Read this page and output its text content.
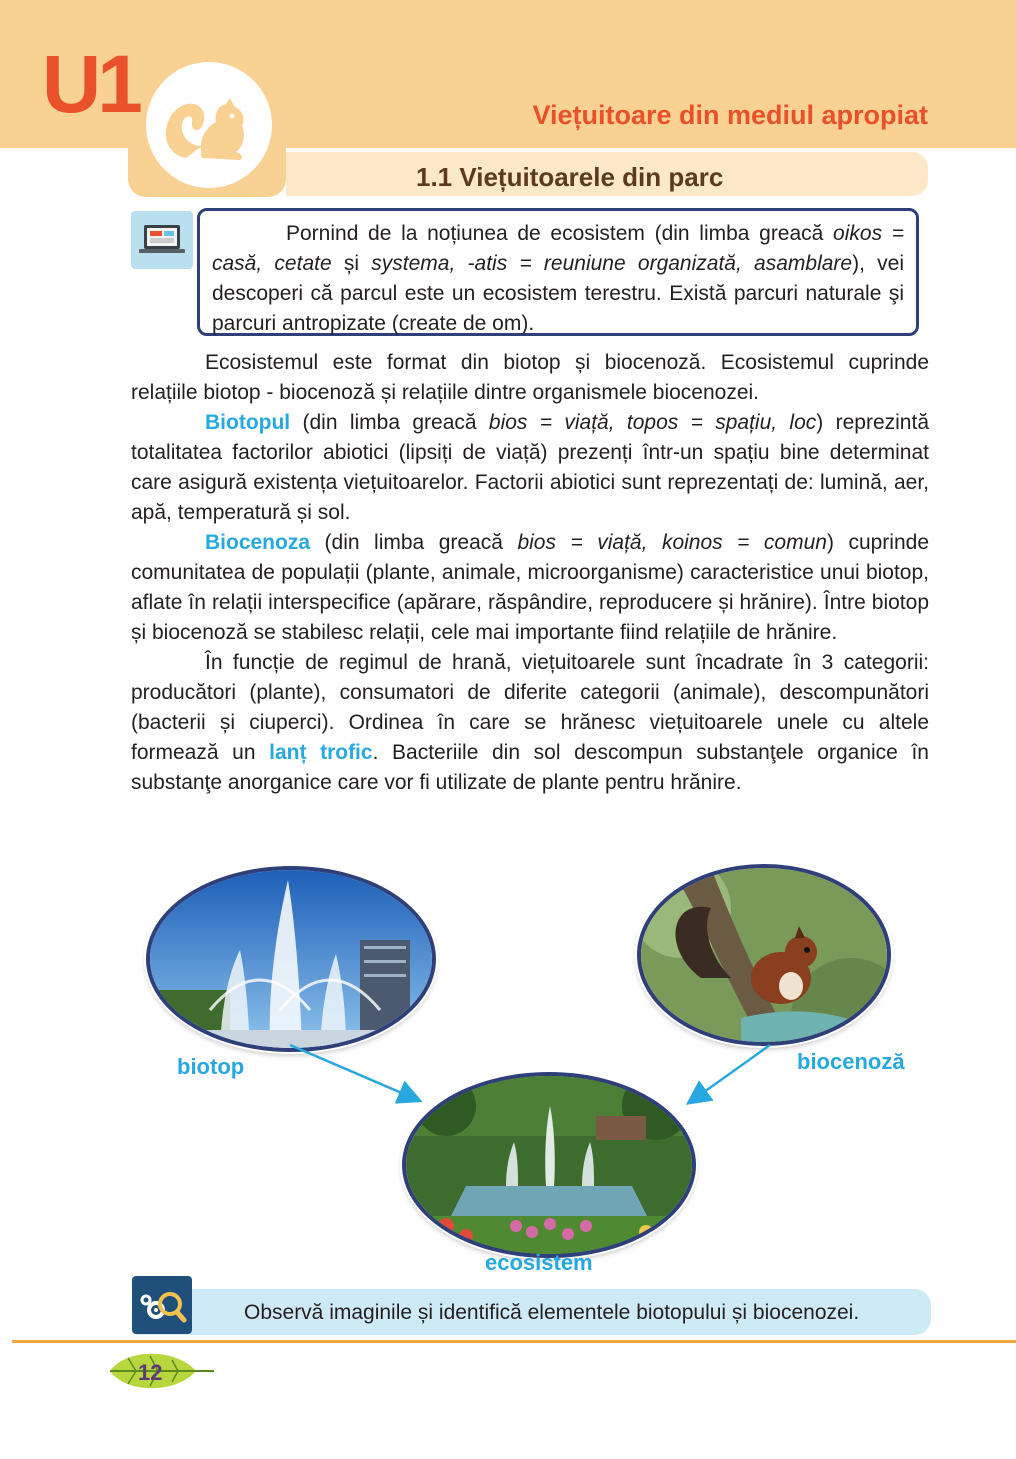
U1	Viețuitoare din mediul apropiat
1.1 Viețuitoarele din parc

Pornind de la noțiunea de ecosistem (din limba greacă oikos = casă, cetate și systema, -atis = reuniune organizată, asamblare), vei descoperi că parcul este un ecosistem terestru. Există parcuri naturale şi parcuri antropizate (create de om).

Ecosistemul este format din biotop și biocenoză. Ecosistemul cuprinde relațiile biotop - biocenoză și relațiile dintre organismele biocenozei.

Biotopul (din limba greacă bios = viață, topos = spațiu, loc) reprezintă totalitatea factorilor abiotici (lipsiți de viață) prezenți într-un spațiu bine determinat care asigură existența viețuitoarelor. Factorii abiotici sunt reprezentați de: lumină, aer, apă, temperatură și sol.

Biocenoza (din limba greacă bios = viață, koinos = comun) cuprinde comunitatea de populații (plante, animale, microorganisme) caracteristice unui biotop, aflate în relații interspecifice (apărare, răspândire, reproducere și hrănire). Între biotop și biocenoză se stabilesc relații, cele mai importante fiind relațiile de hrănire.

În funcție de regimul de hrană, viețuitoarele sunt încadrate în 3 categorii: producători (plante), consumatori de diferite categorii (animale), descompunători (bacterii și ciuperci). Ordinea în care se hrănesc viețuitoarele unele cu altele formează un lanț trofic. Bacteriile din sol descompun substanţele organice în substanţe anorganice care vor fi utilizate de plante pentru hrănire.

biotop	biocenoză
ecosistem
Observă imaginile și identifică elementele biotopului și biocenozei.
12
